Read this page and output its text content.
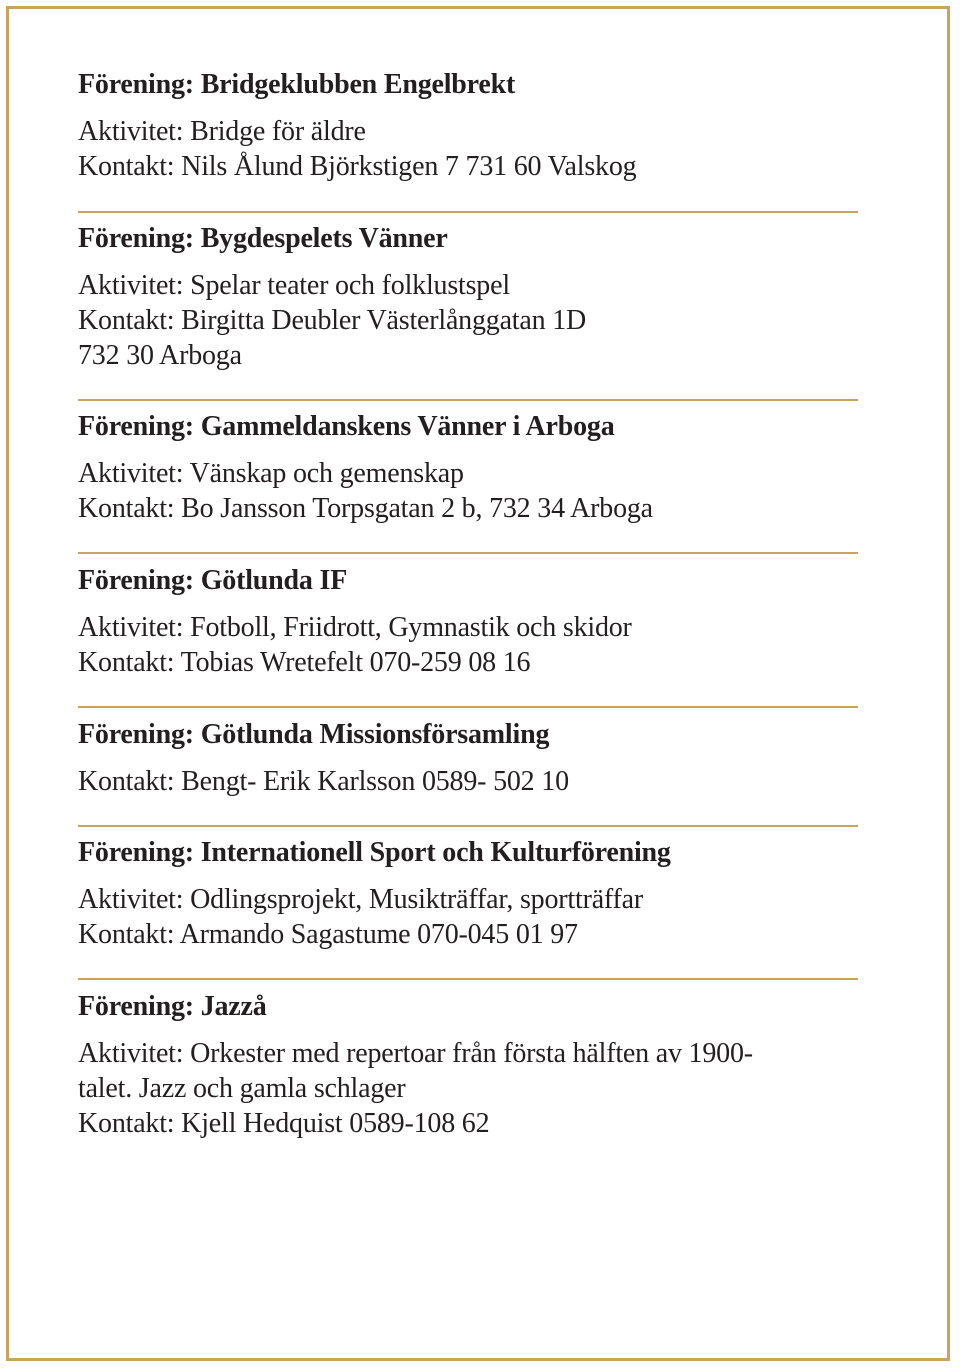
Förening: Bridgeklubben Engelbrekt
Aktivitet: Bridge för äldre
Kontakt: Nils Ålund Björkstigen 7 731 60 Valskog
Förening: Bygdespelets Vänner
Aktivitet: Spelar teater och folklustspel
Kontakt: Birgitta Deubler Västerlånggatan 1D
732 30 Arboga
Förening: Gammeldanskens Vänner i Arboga
Aktivitet: Vänskap och gemenskap
Kontakt: Bo Jansson Torpsgatan 2 b, 732 34 Arboga
Förening: Götlunda IF
Aktivitet: Fotboll, Friidrott, Gymnastik och skidor
Kontakt: Tobias Wretefelt 070-259 08 16
Förening: Götlunda Missionsförsamling
Kontakt: Bengt- Erik Karlsson 0589- 502 10
Förening: Internationell Sport och Kulturförening
Aktivitet: Odlingsprojekt, Musikträffar, sportträffar
Kontakt: Armando Sagastume 070-045 01 97
Förening: Jazzå
Aktivitet: Orkester med repertoar från första hälften av 1900-
talet. Jazz och gamla schlager
Kontakt: Kjell Hedquist 0589-108 62
